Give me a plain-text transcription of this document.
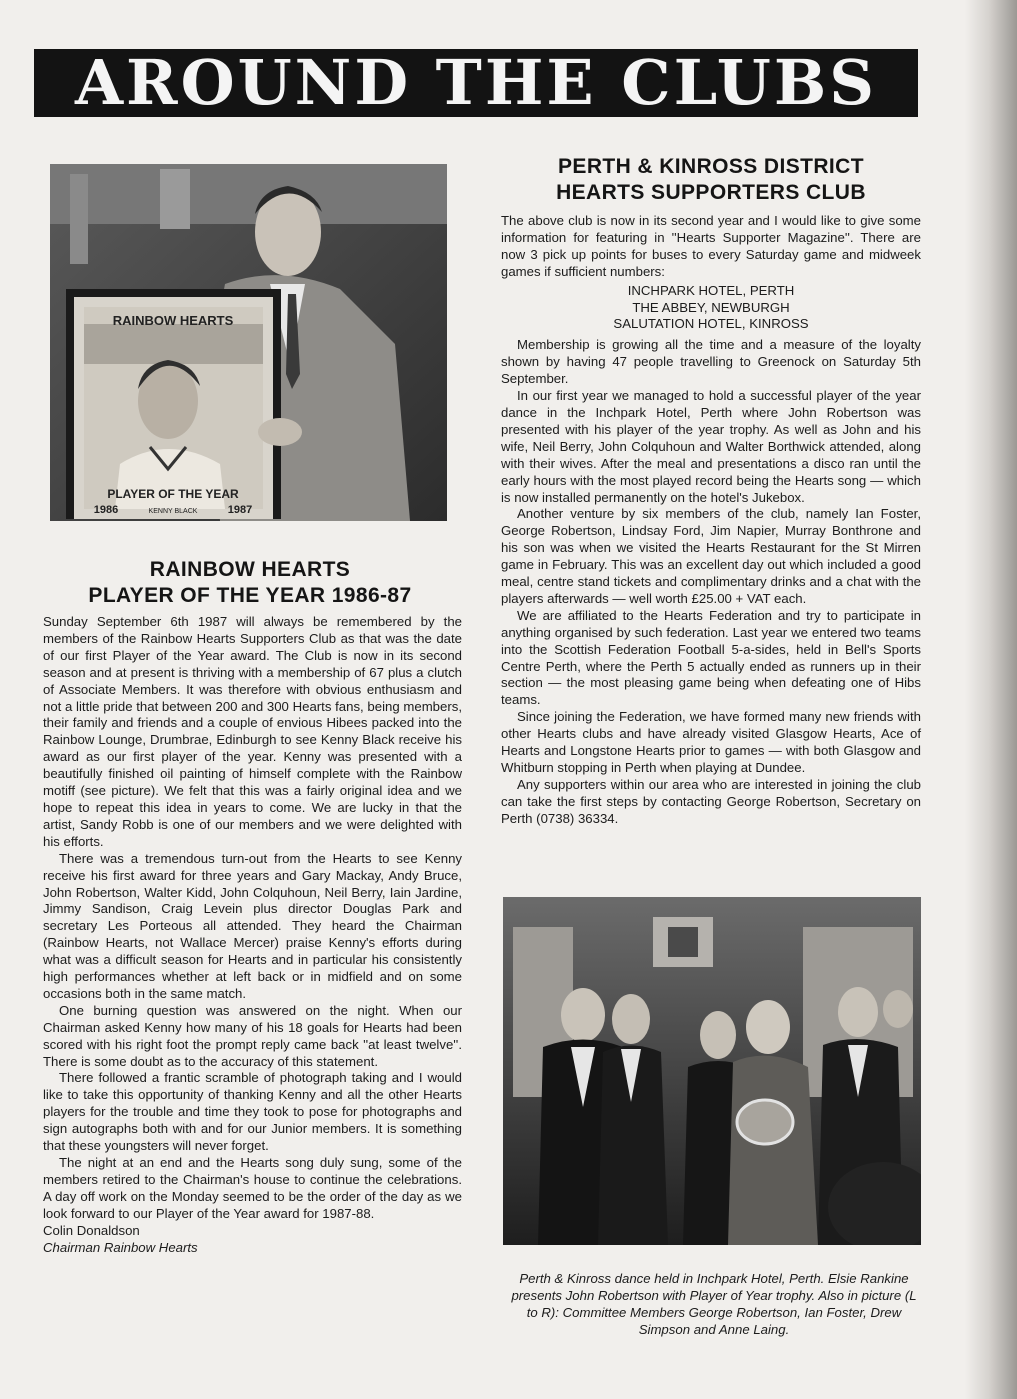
AROUND THE CLUBS
RAINBOW HEARTS
PLAYER OF THE YEAR
1986	KENNY BLACK	1987
RAINBOW HEARTS
PLAYER OF THE YEAR 1986-87

Sunday September 6th 1987 will always be remembered by the members of the Rainbow Hearts Supporters Club as that was the date of our first Player of the Year award. The Club is now in its second season and at present is thriving with a membership of 67 plus a clutch of Associate Members. It was therefore with obvious enthusiasm and not a little pride that between 200 and 300 Hearts fans, being members, their family and friends and a couple of envious Hibees packed into the Rainbow Lounge, Drumbrae, Edinburgh to see Kenny Black receive his award as our first player of the year. Kenny was presented with a beautifully finished oil painting of himself complete with the Rainbow motiff (see picture). We felt that this was a fairly original idea and we hope to repeat this idea in years to come. We are lucky in that the artist, Sandy Robb is one of our members and we were delighted with his efforts.

There was a tremendous turn-out from the Hearts to see Kenny receive his first award for three years and Gary Mackay, Andy Bruce, John Robertson, Walter Kidd, John Colquhoun, Neil Berry, Iain Jardine, Jimmy Sandison, Craig Levein plus director Douglas Park and secretary Les Porteous all attended. They heard the Chairman (Rainbow Hearts, not Wallace Mercer) praise Kenny's efforts during what was a difficult season for Hearts and in particular his consistently high performances whether at left back or in midfield and on some occasions both in the same match.

One burning question was answered on the night. When our Chairman asked Kenny how many of his 18 goals for Hearts had been scored with his right foot the prompt reply came back ''at least twelve''. There is some doubt as to the accuracy of this statement.

There followed a frantic scramble of photograph taking and I would like to take this opportunity of thanking Kenny and all the other Hearts players for the trouble and time they took to pose for photographs and sign autographs both with and for our Junior members. It is something that these youngsters will never forget.

The night at an end and the Hearts song duly sung, some of the members retired to the Chairman's house to continue the celebrations. A day off work on the Monday seemed to be the order of the day as we look forward to our Player of the Year award for 1987-88.

Colin Donaldson
Chairman Rainbow Hearts
PERTH & KINROSS DISTRICT
HEARTS SUPPORTERS CLUB

The above club is now in its second year and I would like to give some information for featuring in ''Hearts Supporter Magazine''. There are now 3 pick up points for buses to every Saturday game and midweek games if sufficient numbers:

INCHPARK HOTEL, PERTH
THE ABBEY, NEWBURGH
SALUTATION HOTEL, KINROSS

Membership is growing all the time and a measure of the loyalty shown by having 47 people travelling to Greenock on Saturday 5th September.

In our first year we managed to hold a successful player of the year dance in the Inchpark Hotel, Perth where John Robertson was presented with his player of the year trophy. As well as John and his wife, Neil Berry, John Colquhoun and Walter Borthwick attended, along with their wives. After the meal and presentations a disco ran until the early hours with the most played record being the Hearts song — which is now installed permanently on the hotel's Jukebox.

Another venture by six members of the club, namely Ian Foster, George Robertson, Lindsay Ford, Jim Napier, Murray Bonthrone and his son was when we visited the Hearts Restaurant for the St Mirren game in February. This was an excellent day out which included a good meal, centre stand tickets and complimentary drinks and a chat with the players afterwards — well worth £25.00 + VAT each.

We are affiliated to the Hearts Federation and try to participate in anything organised by such federation. Last year we entered two teams into the Scottish Federation Football 5-a-sides, held in Bell's Sports Centre Perth, where the Perth 5 actually ended as runners up in their section — the most pleasing game being when defeating one of Hibs teams.

Since joining the Federation, we have formed many new friends with other Hearts clubs and have already visited Glasgow Hearts, Ace of Hearts and Longstone Hearts prior to games — with both Glasgow and Whitburn stopping in Perth when playing at Dundee.

Any supporters within our area who are interested in joining the club can take the first steps by contacting George Robertson, Secretary on Perth (0738) 36334.

Perth & Kinross dance held in Inchpark Hotel, Perth. Elsie Rankine presents John Robertson with Player of Year trophy. Also in picture (L to R): Committee Members George Robertson, Ian Foster, Drew Simpson and Anne Laing.
